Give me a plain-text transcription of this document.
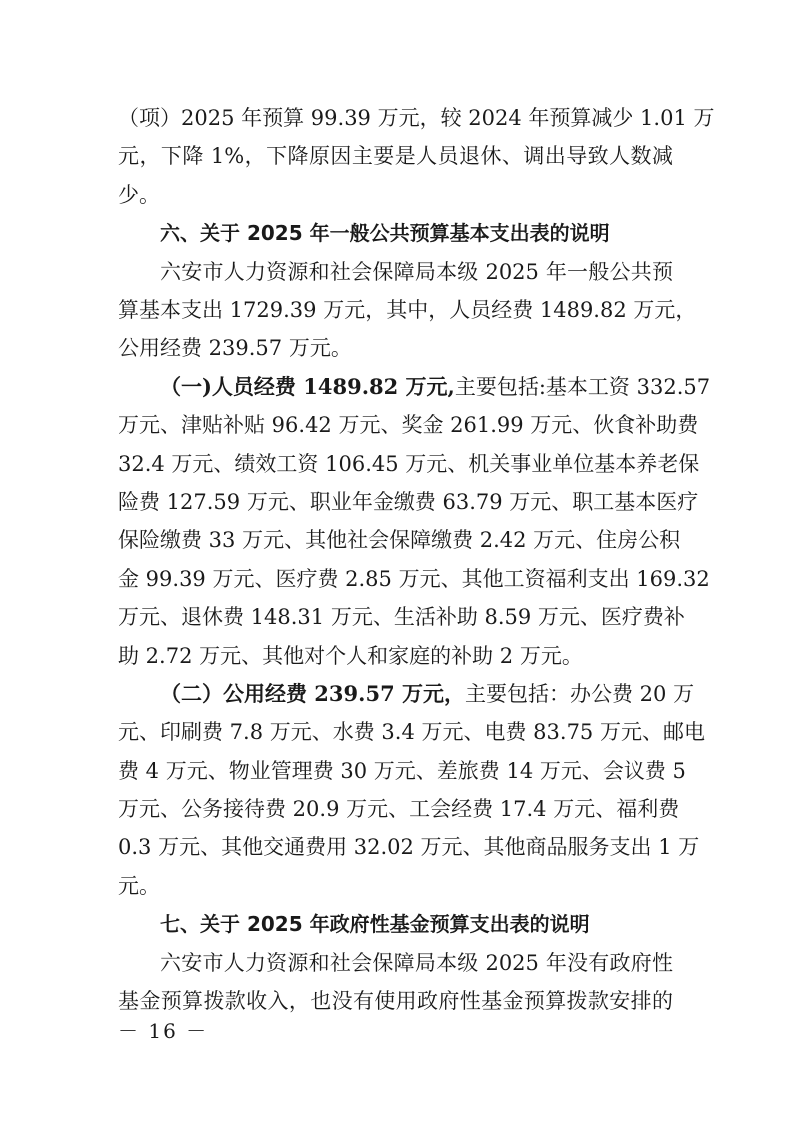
（项）2025 年预算 99.39 万元，较 2024 年预算减少 1.01 万
元，下降 1%，下降原因主要是人员退休、调出导致人数减
少。
六、关于 2025 年一般公共预算基本支出表的说明
六安市人力资源和社会保障局本级 2025 年一般公共预
算基本支出 1729.39 万元，其中，人员经费 1489.82 万元，
公用经费 239.57 万元。
（一)人员经费 1489.82 万元, 主要包括:基本工资 332.57
万元、津贴补贴 96.42 万元、奖金 261.99 万元、伙食补助费
32.4 万元、绩效工资 106.45 万元、机关事业单位基本养老保
险费 127.59 万元、职业年金缴费 63.79 万元、职工基本医疗
保险缴费 33 万元、其他社会保障缴费 2.42 万元、住房公积
金 99.39 万元、医疗费 2.85 万元、其他工资福利支出 169.32
万元、退休费 148.31 万元、生活补助 8.59 万元、医疗费补
助 2.72 万元、其他对个人和家庭的补助 2 万元。
（二）公用经费 239.57 万元， 主要包括：办公费 20 万
元、印刷费 7.8 万元、水费 3.4 万元、电费 83.75 万元、邮电
费 4 万元、物业管理费 30 万元、差旅费 14 万元、会议费 5
万元、公务接待费 20.9 万元、工会经费 17.4 万元、福利费
0.3 万元、其他交通费用 32.02 万元、其他商品服务支出 1 万
元。
七、关于 2025 年政府性基金预算支出表的说明
六安市人力资源和社会保障局本级 2025 年没有政府性
基金预算拨款收入，也没有使用政府性基金预算拨款安排的
－ 16 －
